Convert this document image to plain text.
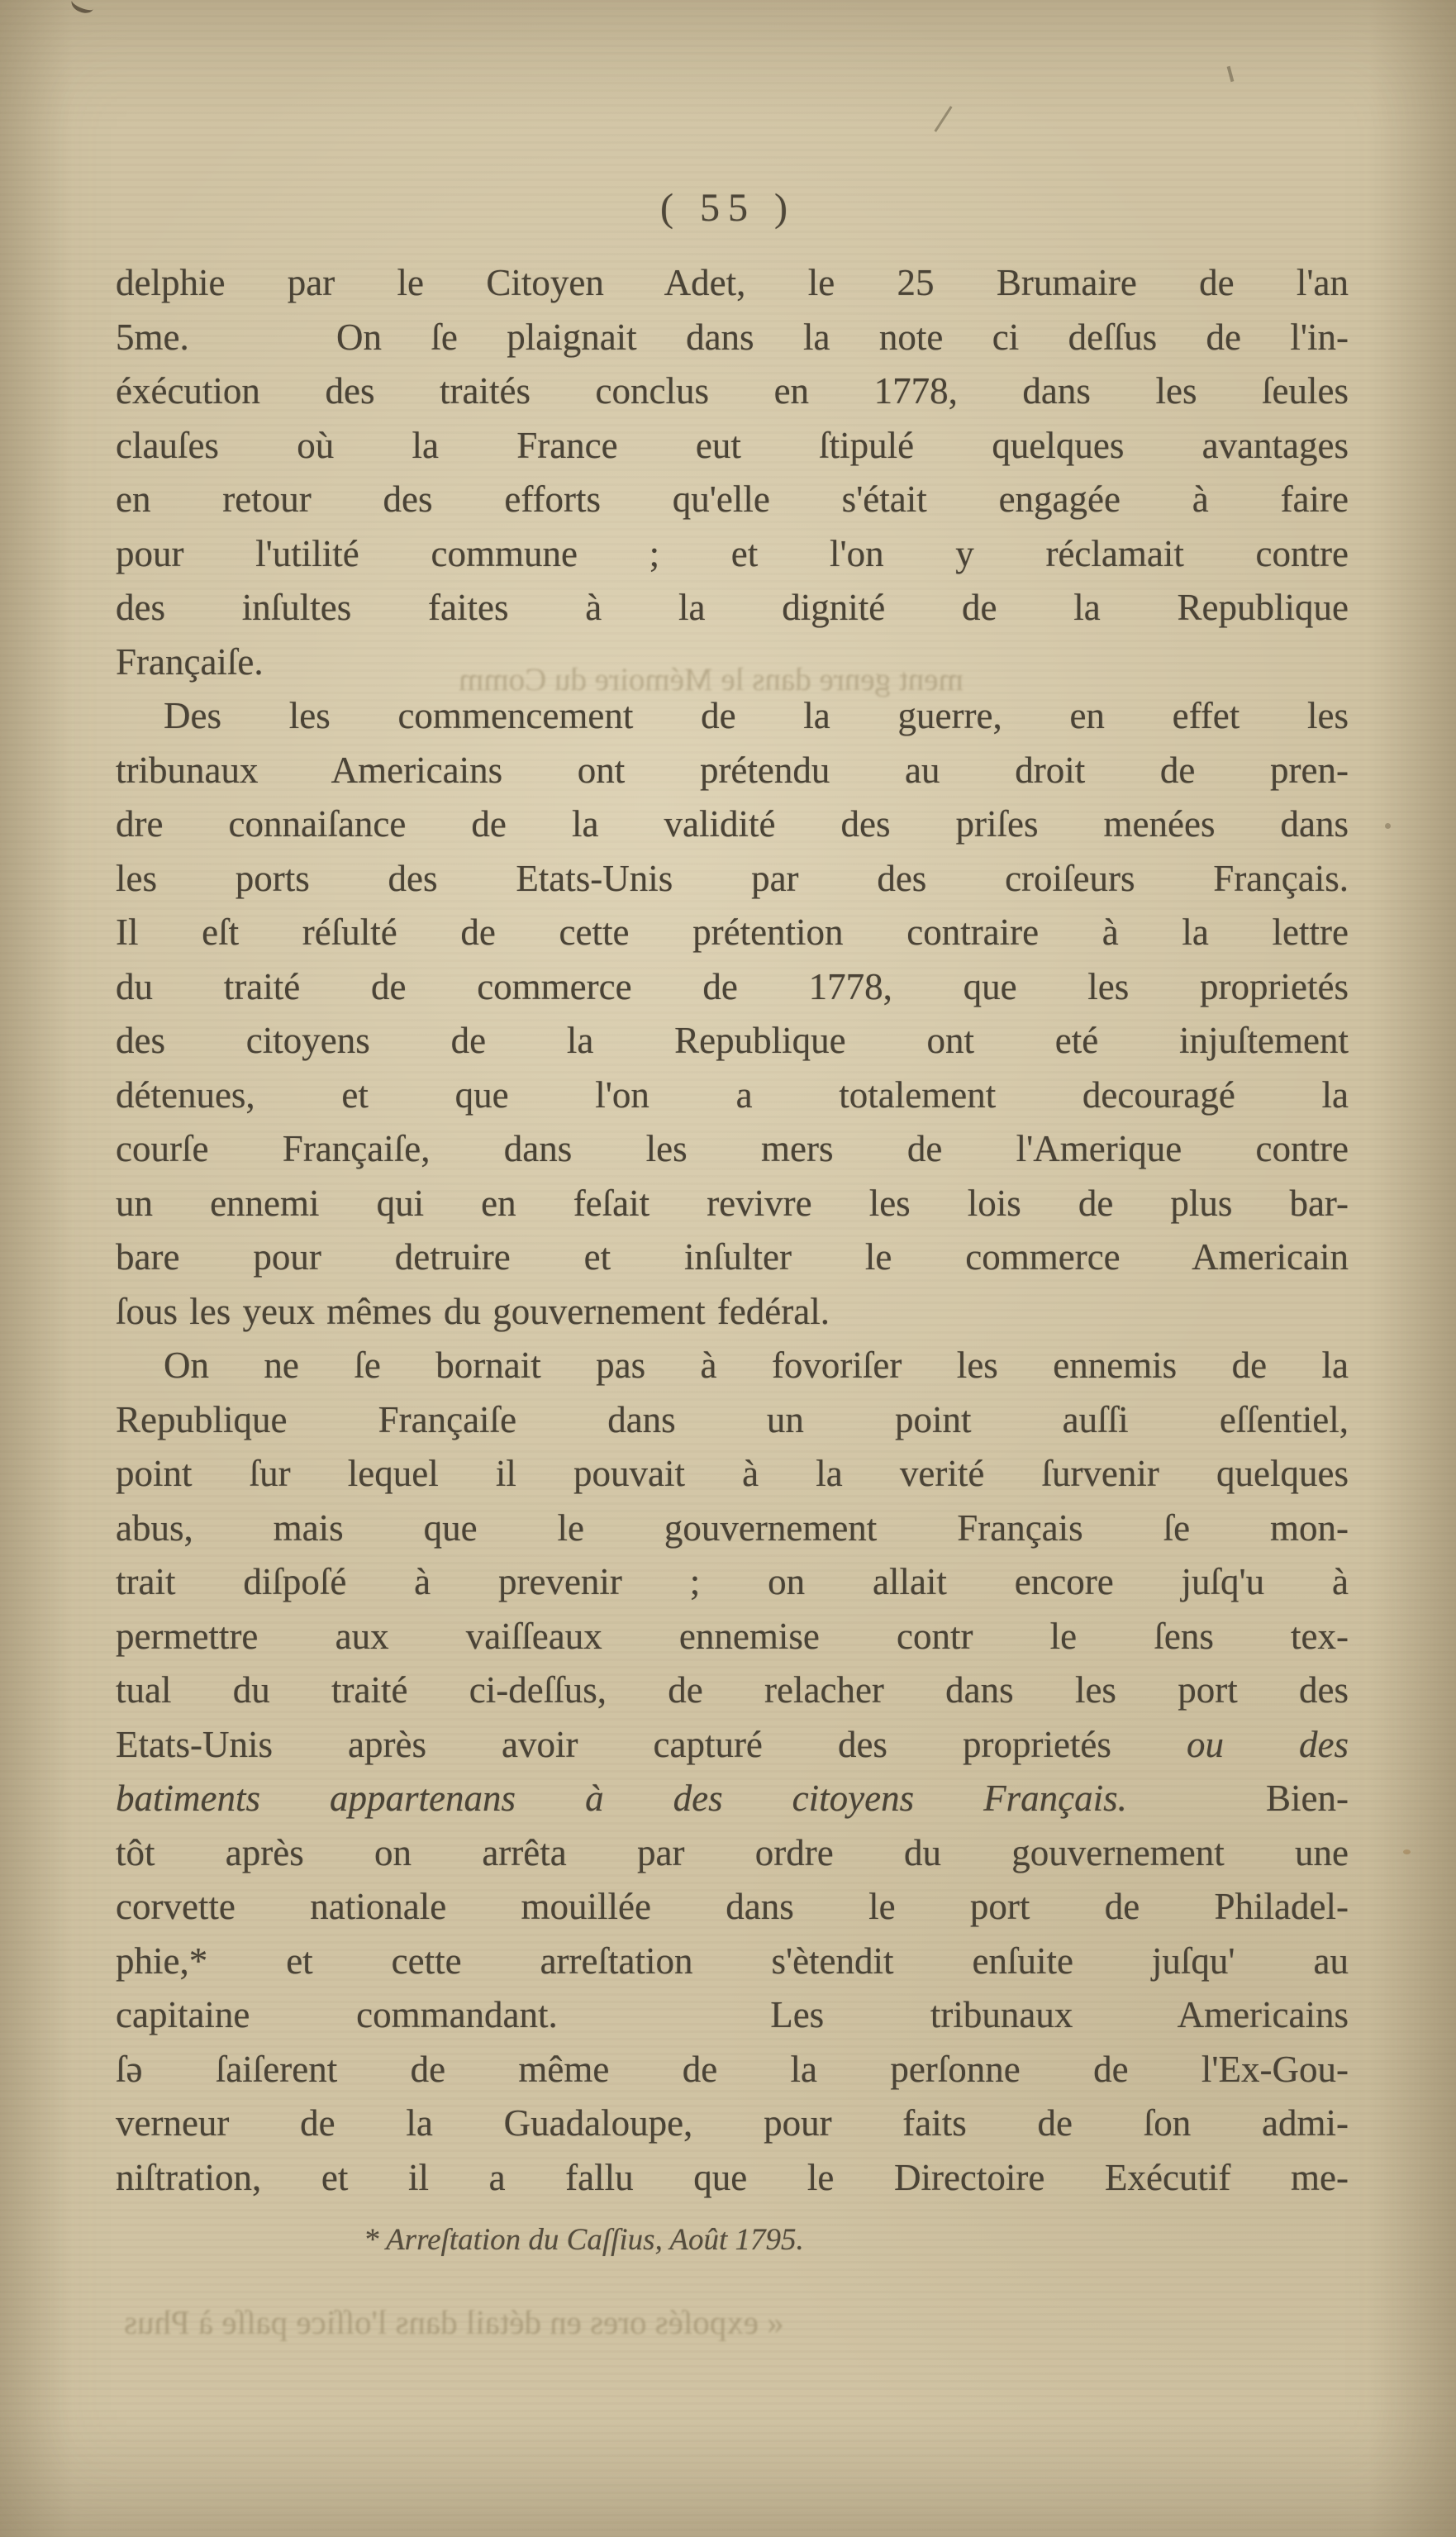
( 55 )
ment genre dans le Mémoire du Comm
delphie par le Citoyen Adet, le 25 Brumaire de l'an
5me.   On ſe plaignait dans la note ci deſſus de l'in-
éxécution des traités conclus en 1778, dans les ſeules
clauſes où la France eut ſtipulé quelques avantages
en retour des efforts qu'elle s'était engagée à faire
pour l'utilité commune ; et l'on y réclamait contre
des inſultes faites à la dignité de la Republique
Françaiſe.
Des les commencement de la guerre, en effet les
tribunaux Americains ont prétendu au droit de pren-
dre connaiſance de la validité des priſes menées dans
les ports des Etats-Unis par des croiſeurs Français.
Il eſt réſulté de cette prétention contraire à la lettre
du traité de commerce de 1778, que les proprietés
des citoyens de la Republique ont eté injuſtement
détenues, et que l'on a totalement decouragé la
courſe Françaiſe, dans les mers de l'Amerique contre
un ennemi qui en feſait revivre les lois de plus bar-
bare pour detruire et inſulter le commerce Americain
ſous les yeux mêmes du gouvernement fedéral.
On ne ſe bornait pas à fovoriſer les ennemis de la
Republique Françaiſe dans un point auſſi eſſentiel,
point ſur lequel il pouvait à la verité ſurvenir quelques
abus, mais que le gouvernement Français ſe mon-
trait diſpoſé à prevenir ; on allait encore juſq'u à
permettre aux vaiſſeaux ennemise contr le ſens tex-
tual du traité ci-deſſus, de relacher dans les port des
Etats-Unis après avoir capturé des proprietés ou des
batiments appartenans à des citoyens Français.  Bien-
tôt après on arrêta par ordre du gouvernement une
corvette nationale mouillée dans le port de Philadel-
phie,* et cette arreſtation s'ètendit enſuite juſqu' au
capitaine commandant.  Les tribunaux Americains
ſə ſaiſerent de même de la perſonne de l'Ex-Gou-
verneur de la Guadaloupe, pour faits de ſon admi-
niſtration, et il a fallu que le Directoire Exécutif me-
* Arreſtation du Caſſius, Août 1795.
« expoſés ores en détail dans l'oſſice paſſe à Phus
